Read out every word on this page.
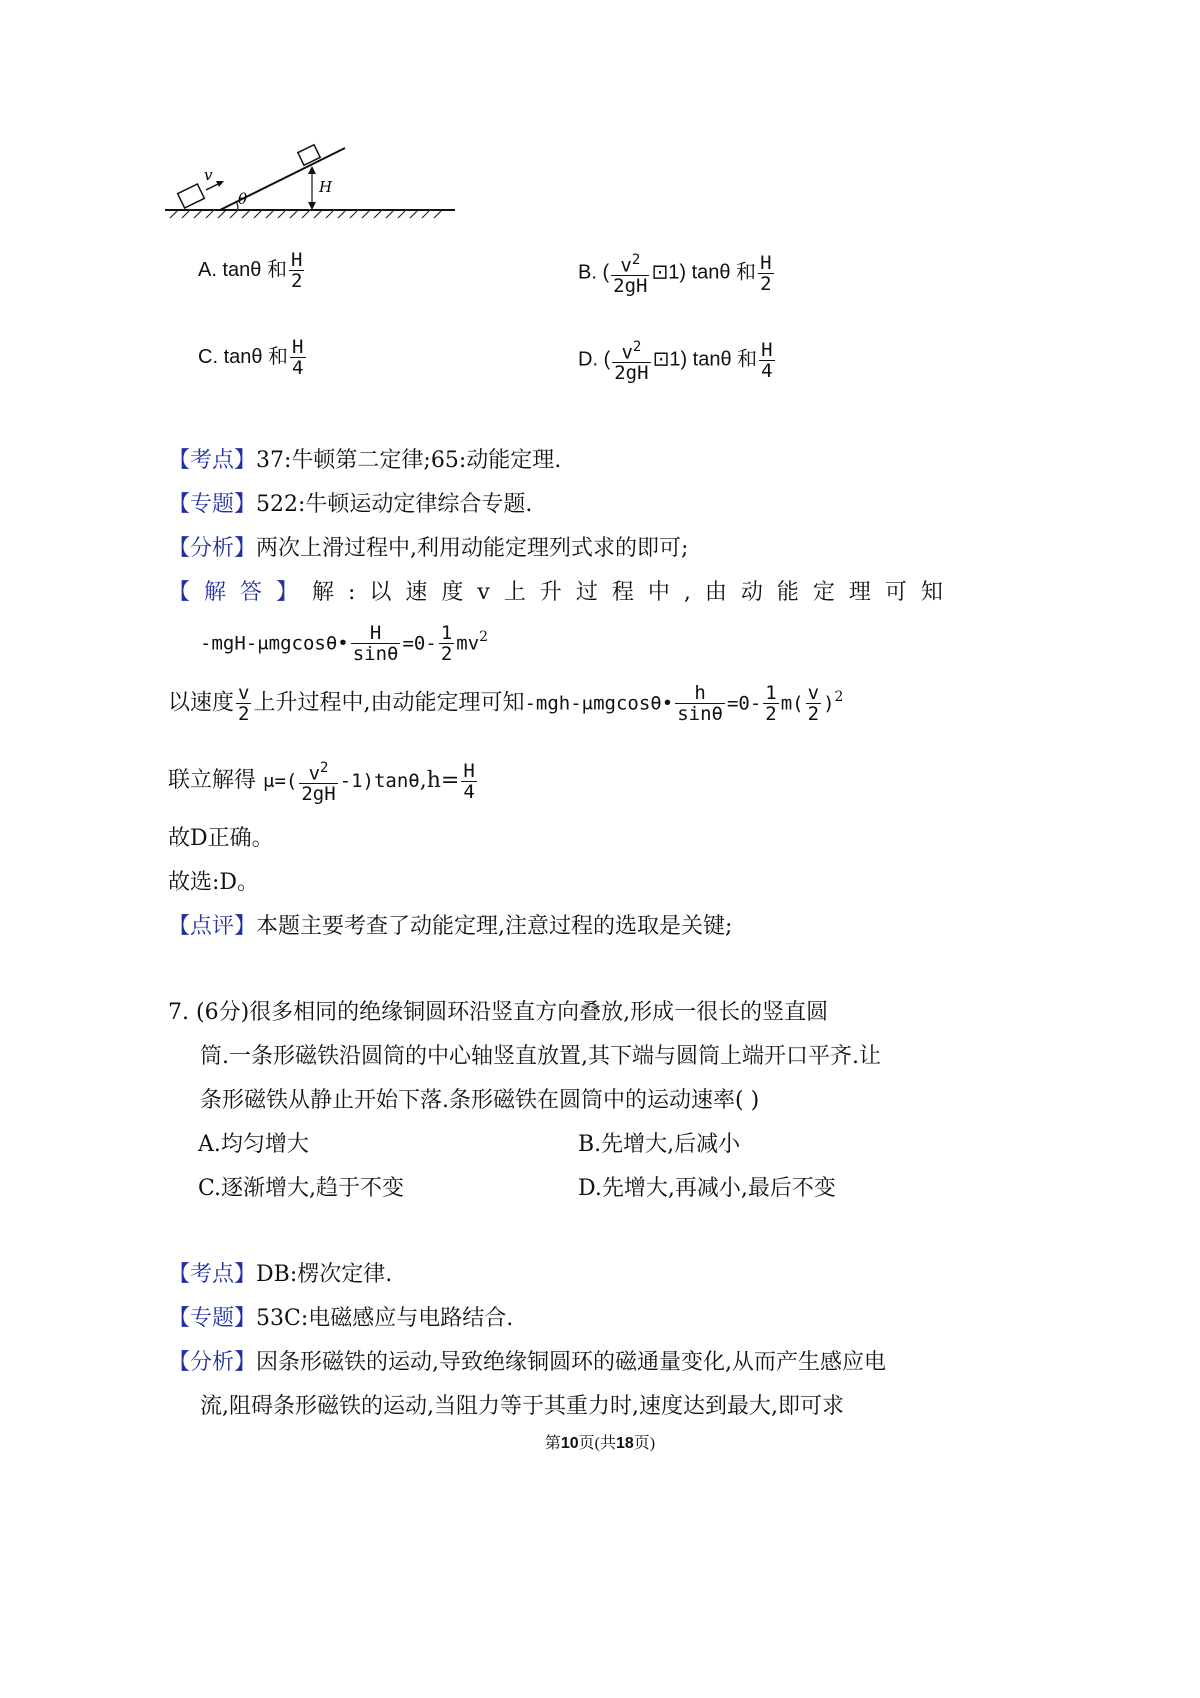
v
θ
H
A. tanθ 和 $\frac{H}{2}$	B. ( $\frac{v^2}{2gH}$ ⊡1) tanθ 和 $\frac{H}{2}$
C. tanθ 和 $\frac{H}{4}$	D. ( $\frac{v^2}{2gH}$ ⊡1) tanθ 和 $\frac{H}{4}$
【考点】37:牛顿第二定律;65:动能定理.
【专题】522:牛顿运动定律综合专题.
【分析】两次上滑过程中,利用动能定理列式求的即可;
【解答】 解:以速度v上升过程中,由动能定理可知
-mgH-μmgcosθ• $\frac{H}{\sin\theta} =0- \frac{1}{2} mv^2$
以速度 $\frac{v}{2}$ 上升过程中,由动能定理可知-mgh-μmgcosθ• $\frac{h}{\sin\theta} =0- \frac{1}{2} m( \frac{v}{2} )^2$
联立解得 $\mu=( \frac{v^2}{2gH} -1)\tan\theta,h= \frac{H}{4}$
故D正确。
故选:D。
【点评】本题主要考查了动能定理,注意过程的选取是关键;
7. (6分)很多相同的绝缘铜圆环沿竖直方向叠放,形成一很长的竖直圆
筒.一条形磁铁沿圆筒的中心轴竖直放置,其下端与圆筒上端开口平齐.让
条形磁铁从静止开始下落.条形磁铁在圆筒中的运动速率( )
A.均匀增大	B.先增大,后减小
C.逐渐增大,趋于不变	D.先增大,再减小,最后不变
【考点】DB:楞次定律.
【专题】53C:电磁感应与电路结合.
【分析】因条形磁铁的运动,导致绝缘铜圆环的磁通量变化,从而产生感应电
流,阻碍条形磁铁的运动,当阻力等于其重力时,速度达到最大,即可求
第10页(共18页)
